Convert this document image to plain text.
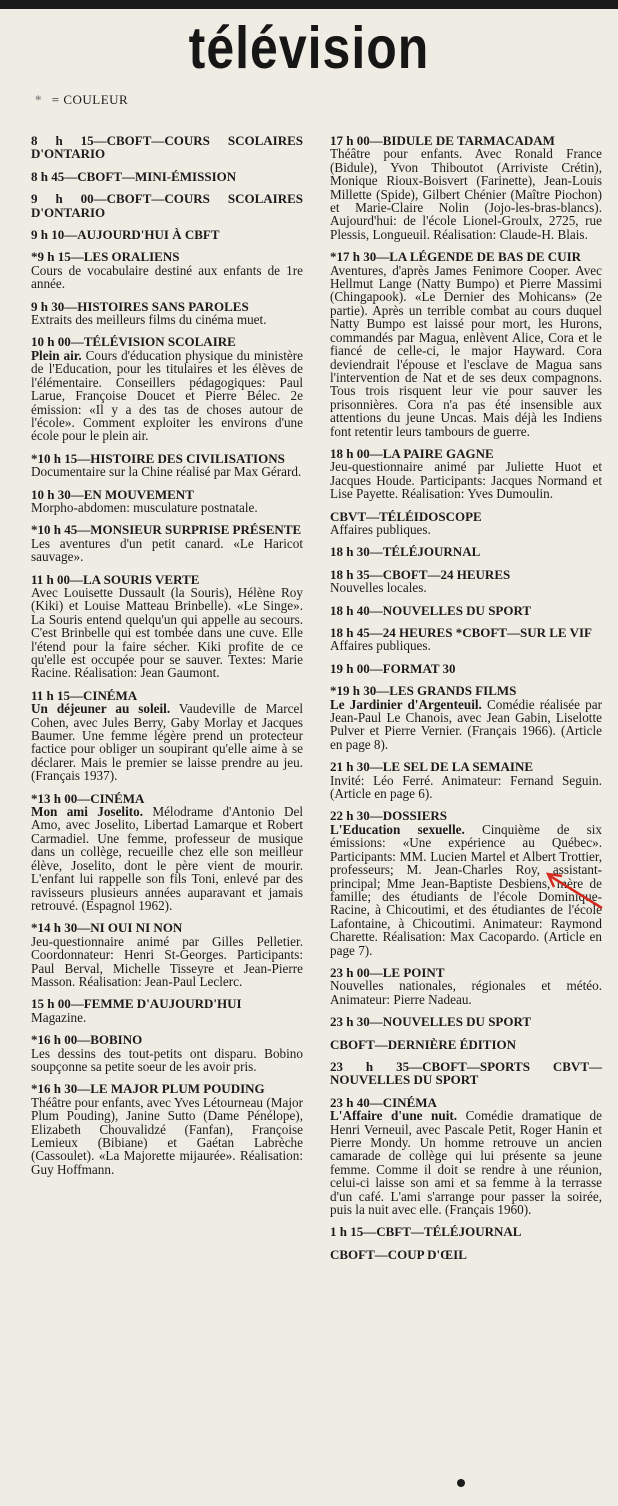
télévision
* = COULEUR
8 h 15—CBOFT—COURS SCOLAIRES D'ONTARIO
8 h 45—CBOFT—MINI-ÉMISSION
9 h 00—CBOFT—COURS SCOLAIRES D'ONTARIO
9 h 10—AUJOURD'HUI À CBFT
*9 h 15—LES ORALIENS
Cours de vocabulaire destiné aux enfants de 1re année.
9 h 30—HISTOIRES SANS PAROLES
Extraits des meilleurs films du cinéma muet.
10 h 00—TÉLÉVISION SCOLAIRE
Plein air. Cours d'éducation physique du ministère de l'Education, pour les titulaires et les élèves de l'élémentaire. Conseillers pédagogiques: Paul Larue, Françoise Doucet et Pierre Bélec. 2e émission: «Il y a des tas de choses autour de l'école». Comment exploiter les environs d'une école pour le plein air.
*10 h 15—HISTOIRE DES CIVILISATIONS
Documentaire sur la Chine réalisé par Max Gérard.
10 h 30—EN MOUVEMENT
Morpho-abdomen: musculature postnatale.
*10 h 45—MONSIEUR SURPRISE PRÉSENTE
Les aventures d'un petit canard. «Le Haricot sauvage».
11 h 00—LA SOURIS VERTE
Avec Louisette Dussault (la Souris), Hélène Roy (Kiki) et Louise Matteau Brinbelle). «Le Singe». La Souris entend quelqu'un qui appelle au secours. C'est Brinbelle qui est tombée dans une cuve. Elle l'étend pour la faire sécher. Kiki profite de ce qu'elle est occupée pour se sauver. Textes: Marie Racine. Réalisation: Jean Gaumont.
11 h 15—CINÉMA
Un déjeuner au soleil. Vaudeville de Marcel Cohen, avec Jules Berry, Gaby Morlay et Jacques Baumer. Une femme légère prend un protecteur factice pour obliger un soupirant qu'elle aime à se déclarer. Mais le premier se laisse prendre au jeu. (Français 1937).
*13 h 00—CINÉMA
Mon ami Joselito. Mélodrame d'Antonio Del Amo, avec Joselito, Libertad Lamarque et Robert Carmadiel. Une femme, professeur de musique dans un collège, recueille chez elle son meilleur élève, Joselito, dont le père vient de mourir. L'enfant lui rappelle son fils Toni, enlevé par des ravisseurs plusieurs années auparavant et jamais retrouvé. (Espagnol 1962).
*14 h 30—NI OUI NI NON
Jeu-questionnaire animé par Gilles Pelletier. Coordonnateur: Henri St-Georges. Participants: Paul Berval, Michelle Tisseyre et Jean-Pierre Masson. Réalisation: Jean-Paul Leclerc.
15 h 00—FEMME D'AUJOURD'HUI
Magazine.
*16 h 00—BOBINO
Les dessins des tout-petits ont disparu. Bobino soupçonne sa petite soeur de les avoir pris.
*16 h 30—LE MAJOR PLUM POUDING
Théâtre pour enfants, avec Yves Létourneau (Major Plum Pouding), Janine Sutto (Dame Pénélope), Elizabeth Chouvalidzé (Fanfan), Françoise Lemieux (Bibiane) et Gaétan Labrèche (Cassoulet). «La Majorette mijaurée». Réalisation: Guy Hoffmann.
17 h 00—BIDULE DE TARMACADAM
Théâtre pour enfants. Avec Ronald France (Bidule), Yvon Thiboutot (Arriviste Crétin), Monique Rioux-Boisvert (Farinette), Jean-Louis Millette (Spide), Gilbert Chénier (Maître Piochon) et Marie-Claire Nolin (Jojo-les-bras-blancs). Aujourd'hui: de l'école Lionel-Groulx, 2725, rue Plessis, Longueuil. Réalisation: Claude-H. Blais.
*17 h 30—LA LÉGENDE DE BAS DE CUIR
Aventures, d'après James Fenimore Cooper. Avec Hellmut Lange (Natty Bumpo) et Pierre Massimi (Chingapook). «Le Dernier des Mohicans» (2e partie). Après un terrible combat au cours duquel Natty Bumpo est laissé pour mort, les Hurons, commandés par Magua, enlèvent Alice, Cora et le fiancé de celle-ci, le major Hayward. Cora deviendrait l'épouse et l'esclave de Magua sans l'intervention de Nat et de ses deux compagnons. Tous trois risquent leur vie pour sauver les prisonnières. Cora n'a pas été insensible aux attentions du jeune Uncas. Mais déjà les Indiens font retentir leurs tambours de guerre.
18 h 00—LA PAIRE GAGNE
Jeu-questionnaire animé par Juliette Huot et Jacques Houde. Participants: Jacques Normand et Lise Payette. Réalisation: Yves Dumoulin.
CBVT—TÉLÉIDOSCOPE
Affaires publiques.
18 h 30—TÉLÉJOURNAL
18 h 35—CBOFT—24 HEURES
Nouvelles locales.
18 h 40—NOUVELLES DU SPORT
18 h 45—24 HEURES *CBOFT—SUR LE VIF
Affaires publiques.
19 h 00—FORMAT 30
*19 h 30—LES GRANDS FILMS
Le Jardinier d'Argenteuil. Comédie réalisée par Jean-Paul Le Chanois, avec Jean Gabin, Liselotte Pulver et Pierre Vernier. (Français 1966). (Article en page 8).
21 h 30—LE SEL DE LA SEMAINE
Invité: Léo Ferré. Animateur: Fernand Seguin. (Article en page 6).
22 h 30—DOSSIERS
L'Education sexuelle. Cinquième de six émissions: «Une expérience au Québec». Participants: MM. Lucien Martel et Albert Trottier, professeurs; M. Jean-Charles Roy, assistant-principal; Mme Jean-Baptiste Desbiens, mère de famille; des étudiants de l'école Dominique-Racine, à Chicoutimi, et des étudiantes de l'école Lafontaine, à Chicoutimi. Animateur: Raymond Charette. Réalisation: Max Cacopardo. (Article en page 7).
23 h 00—LE POINT
Nouvelles nationales, régionales et météo. Animateur: Pierre Nadeau.
23 h 30—NOUVELLES DU SPORT
CBOFT—DERNIÈRE ÉDITION
23 h 35—CBOFT—SPORTS CBVT—NOUVELLES DU SPORT
23 h 40—CINÉMA
L'Affaire d'une nuit. Comédie dramatique de Henri Verneuil, avec Pascale Petit, Roger Hanin et Pierre Mondy. Un homme retrouve un ancien camarade de collège qui lui présente sa jeune femme. Comme il doit se rendre à une réunion, celui-ci laisse son ami et sa femme à la terrasse d'un café. L'ami s'arrange pour passer la soirée, puis la nuit avec elle. (Français 1960).
1 h 15—CBFT—TÉLÉJOURNAL
CBOFT—COUP D'ŒIL
